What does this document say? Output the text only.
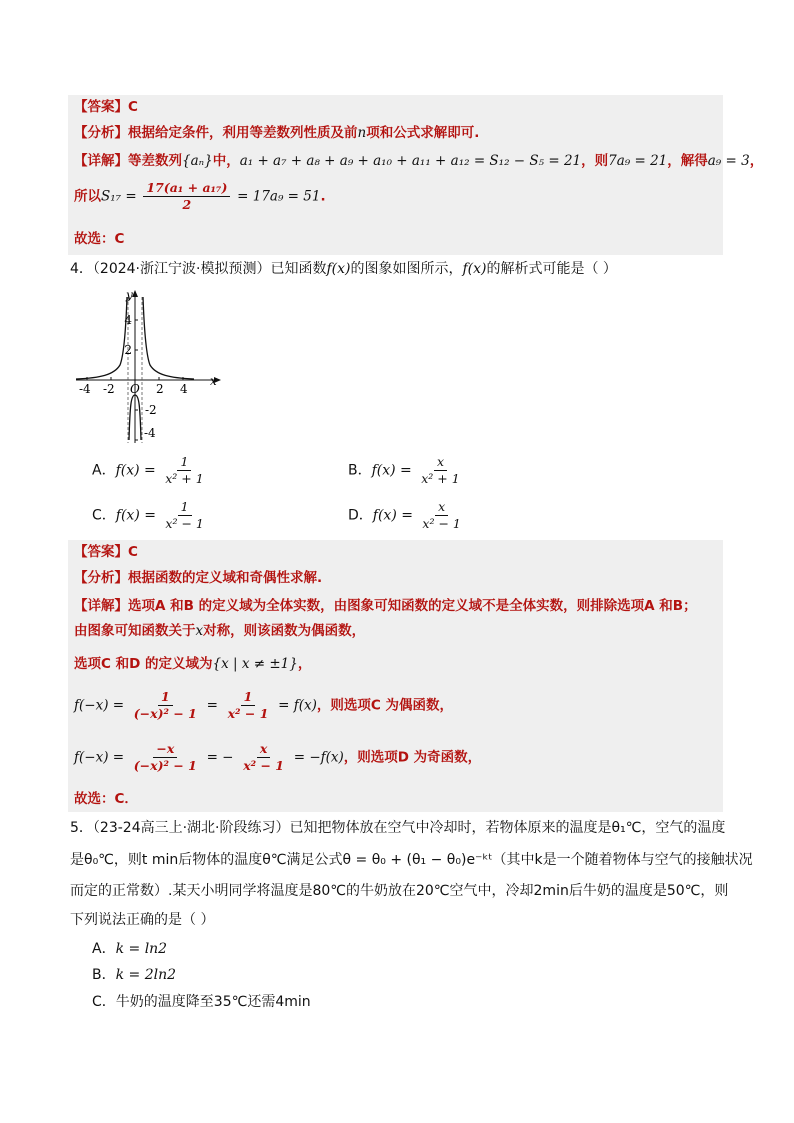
【答案】C
【分析】根据给定条件，利用等差数列性质及前n项和公式求解即可.
【详解】等差数列{aₙ}中，a₁ + a₇ + a₈ + a₉ + a₁₀ + a₁₁ + a₁₂ = S₁₂ − S₅ = 21，则7a₉ = 21，解得a₉ = 3，
所以$S_{17} = \frac{\text{17(a₁ + a₁₇)}}{2} = 17a_9 = 51$.
故选：C
4．（2024·浙江宁波·模拟预测）已知函数f(x)的图象如图所示，f(x)的解析式可能是（ ）
y
x
O
-4 -2	2 4
4
2
-2
-4
A．$f(x) = \frac{1}{\text{x² + 1}}$	B．$f(x) = \frac{x}{\text{x² + 1}}$
C．$f(x) = \frac{1}{\text{x² − 1}}$	D．$f(x) = \frac{x}{\text{x² − 1}}$
【答案】C
【分析】根据函数的定义域和奇偶性求解.
【详解】选项A 和B 的定义域为全体实数，由图象可知函数的定义域不是全体实数，则排除选项A 和B；
由图象可知函数关于x对称，则该函数为偶函数，
选项C 和D 的定义域为{x | x ≠ ±1}，
$f(-x) = \frac{1}{\text{(−x)² − 1}} = \frac{1}{\text{x² − 1}} = f(x)$，则选项C 为偶函数，
$f(-x) = \frac{-x}{\text{(−x)² − 1}}$ = − $\frac{x}{\text{x² − 1}} = -f(x)$，则选项D 为奇函数，
故选：C．
5．（23-24高三上·湖北·阶段练习）已知把物体放在空气中冷却时，若物体原来的温度是θ₁℃，空气的温度
是θ₀℃，则t min后物体的温度θ℃满足公式θ = θ₀ + (θ₁ − θ₀)e⁻ᵏᵗ（其中k是一个随着物体与空气的接触状况
而定的正常数）.某天小明同学将温度是80℃的牛奶放在20℃空气中，冷却2min后牛奶的温度是50℃，则
下列说法正确的是（ ）
A．k = ln2
B．k = 2ln2
C．牛奶的温度降至35℃还需4min
